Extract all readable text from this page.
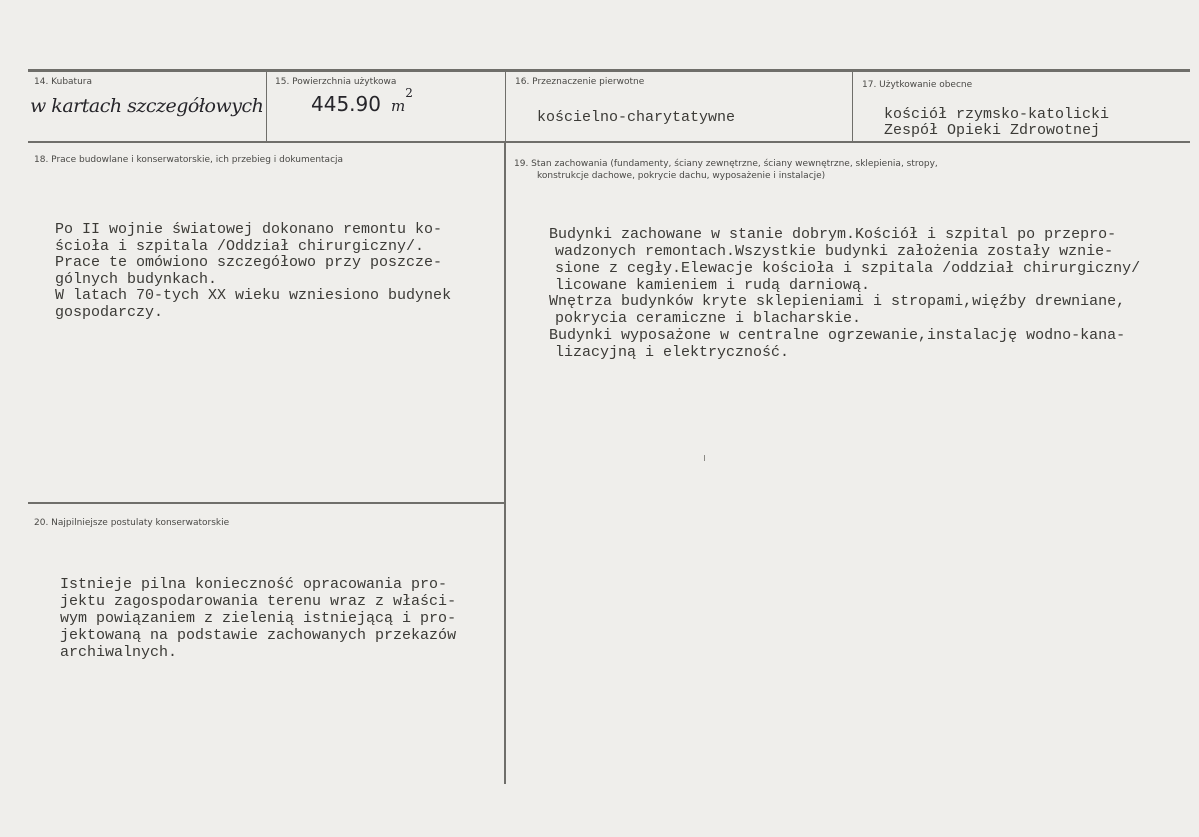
14. Kubatura
w kartach szczegółowych
15. Powierzchnia użytkowa
445.90 $m^2$
16. Przeznaczenie pierwotne
kościelno-charytatywne
17. Użytkowanie obecne
kościół rzymsko-katolicki
Zespół Opieki Zdrowotnej
18. Prace budowlane i konserwatorskie, ich przebieg i dokumentacja
Po II wojnie światowej dokonano remontu ko-
ścioła i szpitala /Oddział chirurgiczny/.
Prace te omówiono szczegółowo przy poszcze-
gólnych budynkach.
W latach 70-tych XX wieku wzniesiono budynek
gospodarczy.
19. Stan zachowania (fundamenty, ściany zewnętrzne, ściany wewnętrzne, sklepienia, stropy,
konstrukcje dachowe, pokrycie dachu, wyposażenie i instalacje)
Budynki zachowane w stanie dobrym.Kościół i szpital po przepro-
wadzonych remontach.Wszystkie budynki założenia zostały wznie-
sione z cegły.Elewacje kościoła i szpitala /oddział chirurgiczny/
licowane kamieniem i rudą darniową.
Wnętrza budynków kryte sklepieniami i stropami,więźby drewniane,
pokrycia ceramiczne i blacharskie.
Budynki wyposażone w centralne ogrzewanie,instalację wodno-kana-
lizacyjną i elektryczność.
20. Najpilniejsze postulaty konserwatorskie
Istnieje pilna konieczność opracowania pro-
jektu zagospodarowania terenu wraz z właści-
wym powiązaniem z zielenią istniejącą i pro-
jektowaną na podstawie zachowanych przekazów
archiwalnych.
